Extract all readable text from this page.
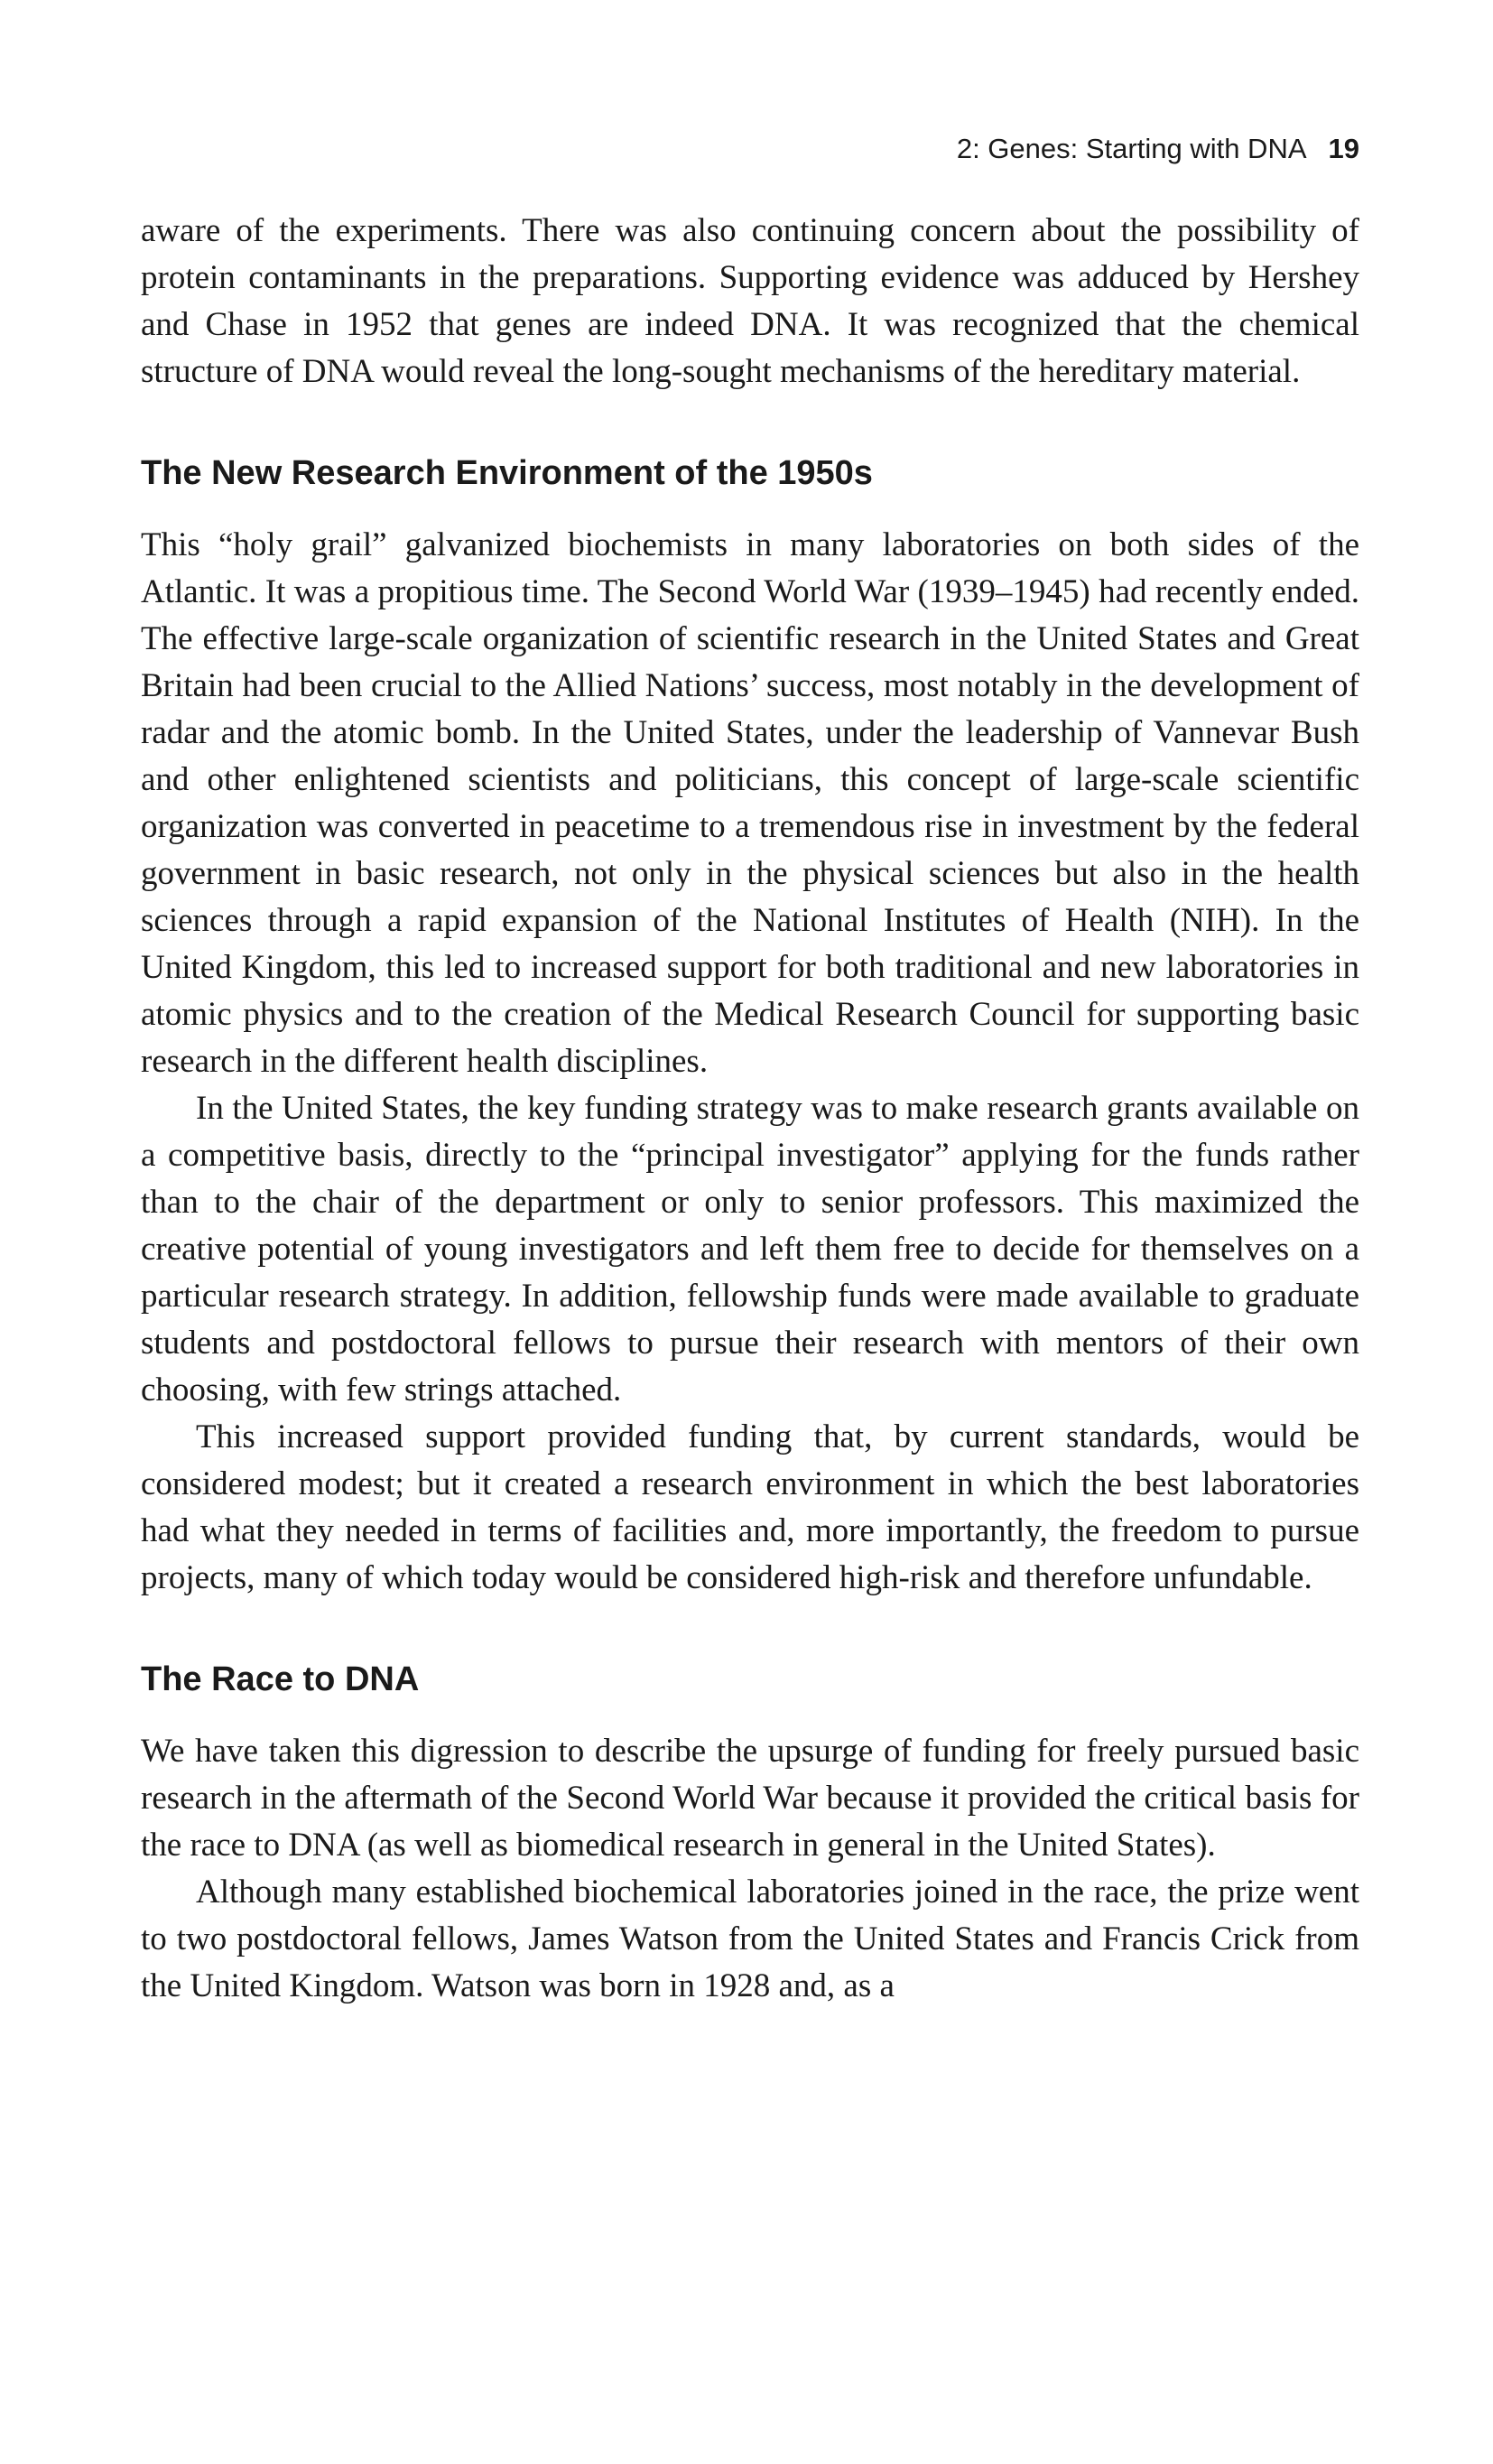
2: Genes: Starting with DNA 19

aware of the experiments. There was also continuing concern about the possibility of protein contaminants in the preparations. Supporting evidence was adduced by Hershey and Chase in 1952 that genes are indeed DNA. It was recognized that the chemical structure of DNA would reveal the long-sought mechanisms of the hereditary material.

The New Research Environment of the 1950s

This “holy grail” galvanized biochemists in many laboratories on both sides of the Atlantic. It was a propitious time. The Second World War (1939–1945) had recently ended. The effective large-scale organization of scientific research in the United States and Great Britain had been crucial to the Allied Nations’ success, most notably in the development of radar and the atomic bomb. In the United States, under the leadership of Vannevar Bush and other enlightened scientists and politicians, this concept of large-scale scientific organization was converted in peacetime to a tremendous rise in investment by the federal government in basic research, not only in the physical sciences but also in the health sciences through a rapid expansion of the National Institutes of Health (NIH). In the United Kingdom, this led to increased support for both traditional and new laboratories in atomic physics and to the creation of the Medical Research Council for supporting basic research in the different health disciplines.

In the United States, the key funding strategy was to make research grants available on a competitive basis, directly to the “principal investigator” applying for the funds rather than to the chair of the department or only to senior professors. This maximized the creative potential of young investigators and left them free to decide for themselves on a particular research strategy. In addition, fellowship funds were made available to graduate students and postdoctoral fellows to pursue their research with mentors of their own choosing, with few strings attached.

This increased support provided funding that, by current standards, would be considered modest; but it created a research environment in which the best laboratories had what they needed in terms of facilities and, more importantly, the freedom to pursue projects, many of which today would be considered high-risk and therefore unfundable.

The Race to DNA

We have taken this digression to describe the upsurge of funding for freely pursued basic research in the aftermath of the Second World War because it provided the critical basis for the race to DNA (as well as biomedical research in general in the United States).

Although many established biochemical laboratories joined in the race, the prize went to two postdoctoral fellows, James Watson from the United States and Francis Crick from the United Kingdom. Watson was born in 1928 and, as a
